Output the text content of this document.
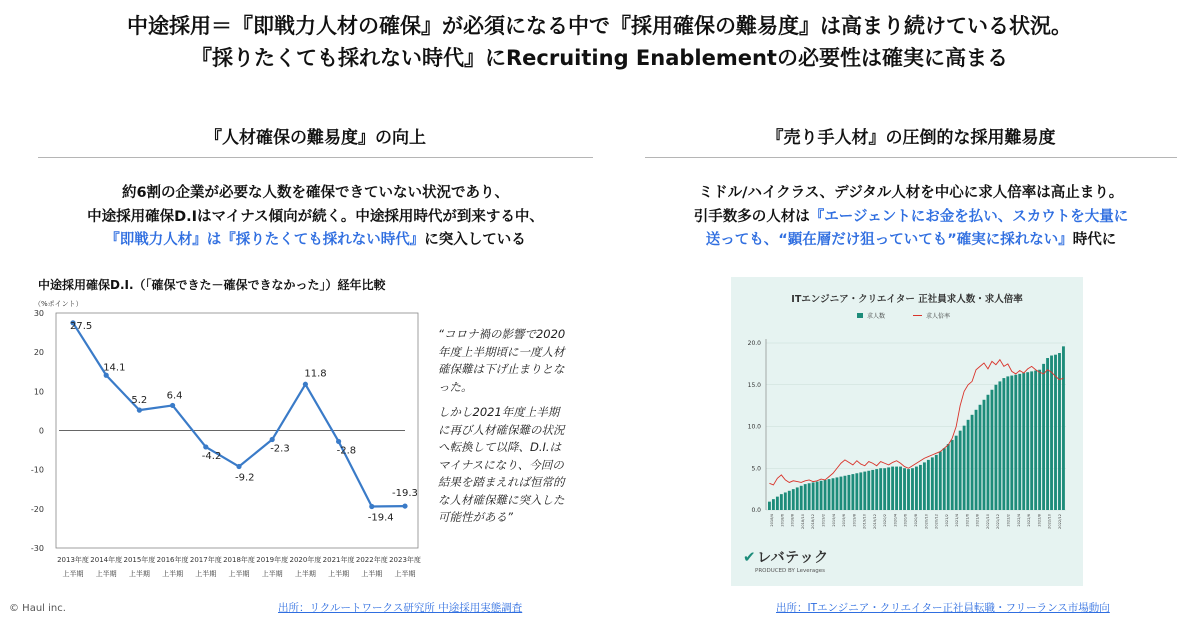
中途採用＝『即戦力人材の確保』が必須になる中で『採用確保の難易度』は高まり続けている状況。
『採りたくても採れない時代』にRecruiting Enablementの必要性は確実に高まる
『人材確保の難易度』の向上
約6割の企業が必要な人数を確保できていない状況であり、
中途採用確保D.Iはマイナス傾向が続く。中途採用時代が到来する中、
『即戦力人材』は『採りたくても採れない時代』に突入している
中途採用確保D.I.（「確保できた－確保できなかった」）経年比較
（%ポイント）
30
20
10
0
-10
-20
-30
27.5
14.1
5.2 6.4
-4.2
-9.2
-2.3
11.8
-2.8
-19.4
-19.3
2013年度
上半期
2014年度
上半期
2015年度
上半期
2016年度
上半期
2017年度
上半期
2018年度
上半期
2019年度
上半期
2020年度
上半期
2021年度
上半期
2022年度
上半期
2023年度
上半期

“コロナ禍の影響で2020年度上半期頃に一度人材確保難は下げ止まりとなった。

しかし2021年度上半期に再び人材確保難の状況へ転換して以降、D.I.はマイナスになり、今回の結果を踏まえれば恒常的な人材確保難に突入した可能性がある”

『売り手人材』の圧倒的な採用難易度
ミドル/ハイクラス、デジタル人材を中心に求人倍率は高止まり。
引手数多の人材は『エージェントにお金を払い、スカウトを大量に
送っても、“顕在層だけ狙っていても”確実に採れない』時代に
求人数	求人倍率
20.0
15.0
10.0
5.0
0.0
2018/4 2018/6 2018/8 2018/10 2018/12 2019/2 2019/4 2019/6 2019/8 2019/10 2019/12 2020/2 2020/4 2020/6 2020/8 2020/10 2020/12 2021/2 2021/4 2021/6 2021/8 2021/10 2021/12 2022/2 2022/4 2022/6 2022/8 2022/10 2022/12
ITエンジニア・クリエイター 正社員求人数・求人倍率
✔レバテック
PRODUCED BY Leverages
© Haul inc.	出所：リクルートワークス研究所 中途採用実態調査	出所：ITエンジニア・クリエイター正社員転職・フリーランス市場動向
